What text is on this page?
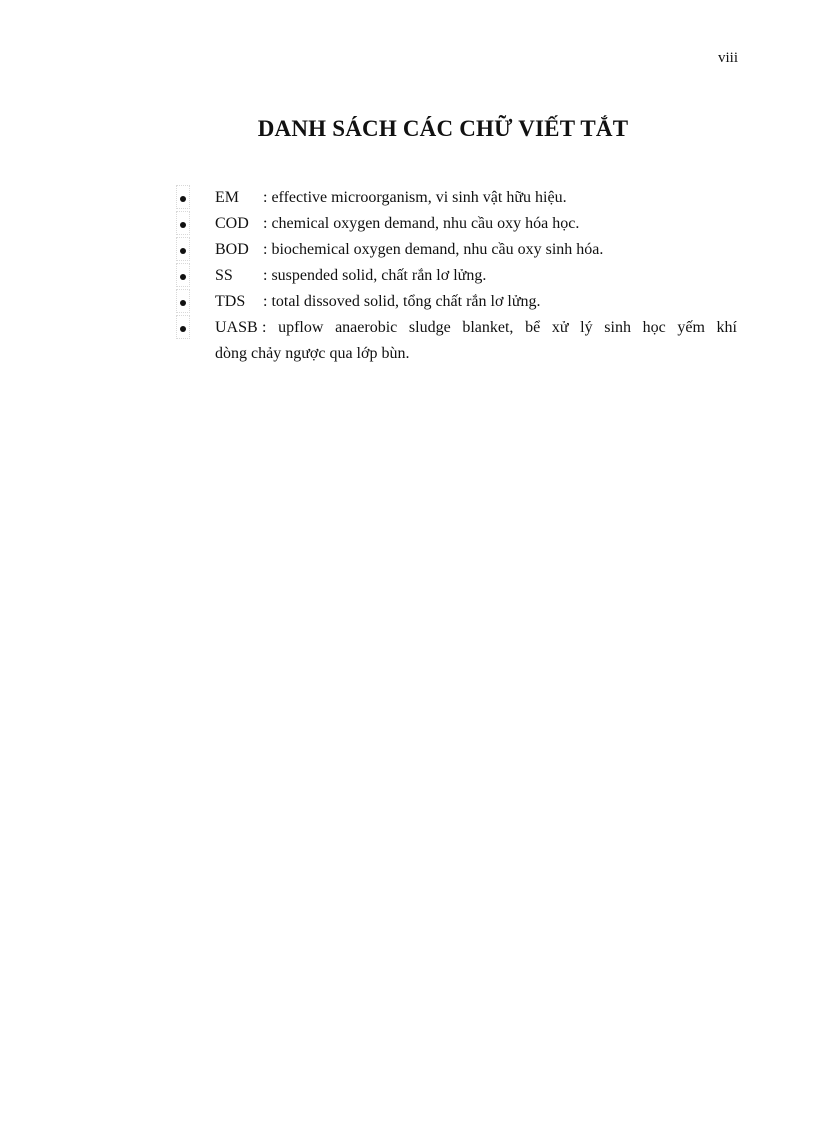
viii
DANH SÁCH CÁC CHỮ VIẾT TẮT
EM	: effective microorganism, vi sinh vật hữu hiệu.
COD : chemical oxygen demand, nhu cầu oxy hóa học.
BOD : biochemical oxygen demand, nhu cầu oxy sinh hóa.
SS	: suspended solid, chất rắn lơ lửng.
TDS	: total dissoved solid, tổng chất rắn lơ lửng.
UASB : upflow anaerobic sludge blanket, bể xử lý sinh học yếm khí
dòng chảy ngược qua lớp bùn.
